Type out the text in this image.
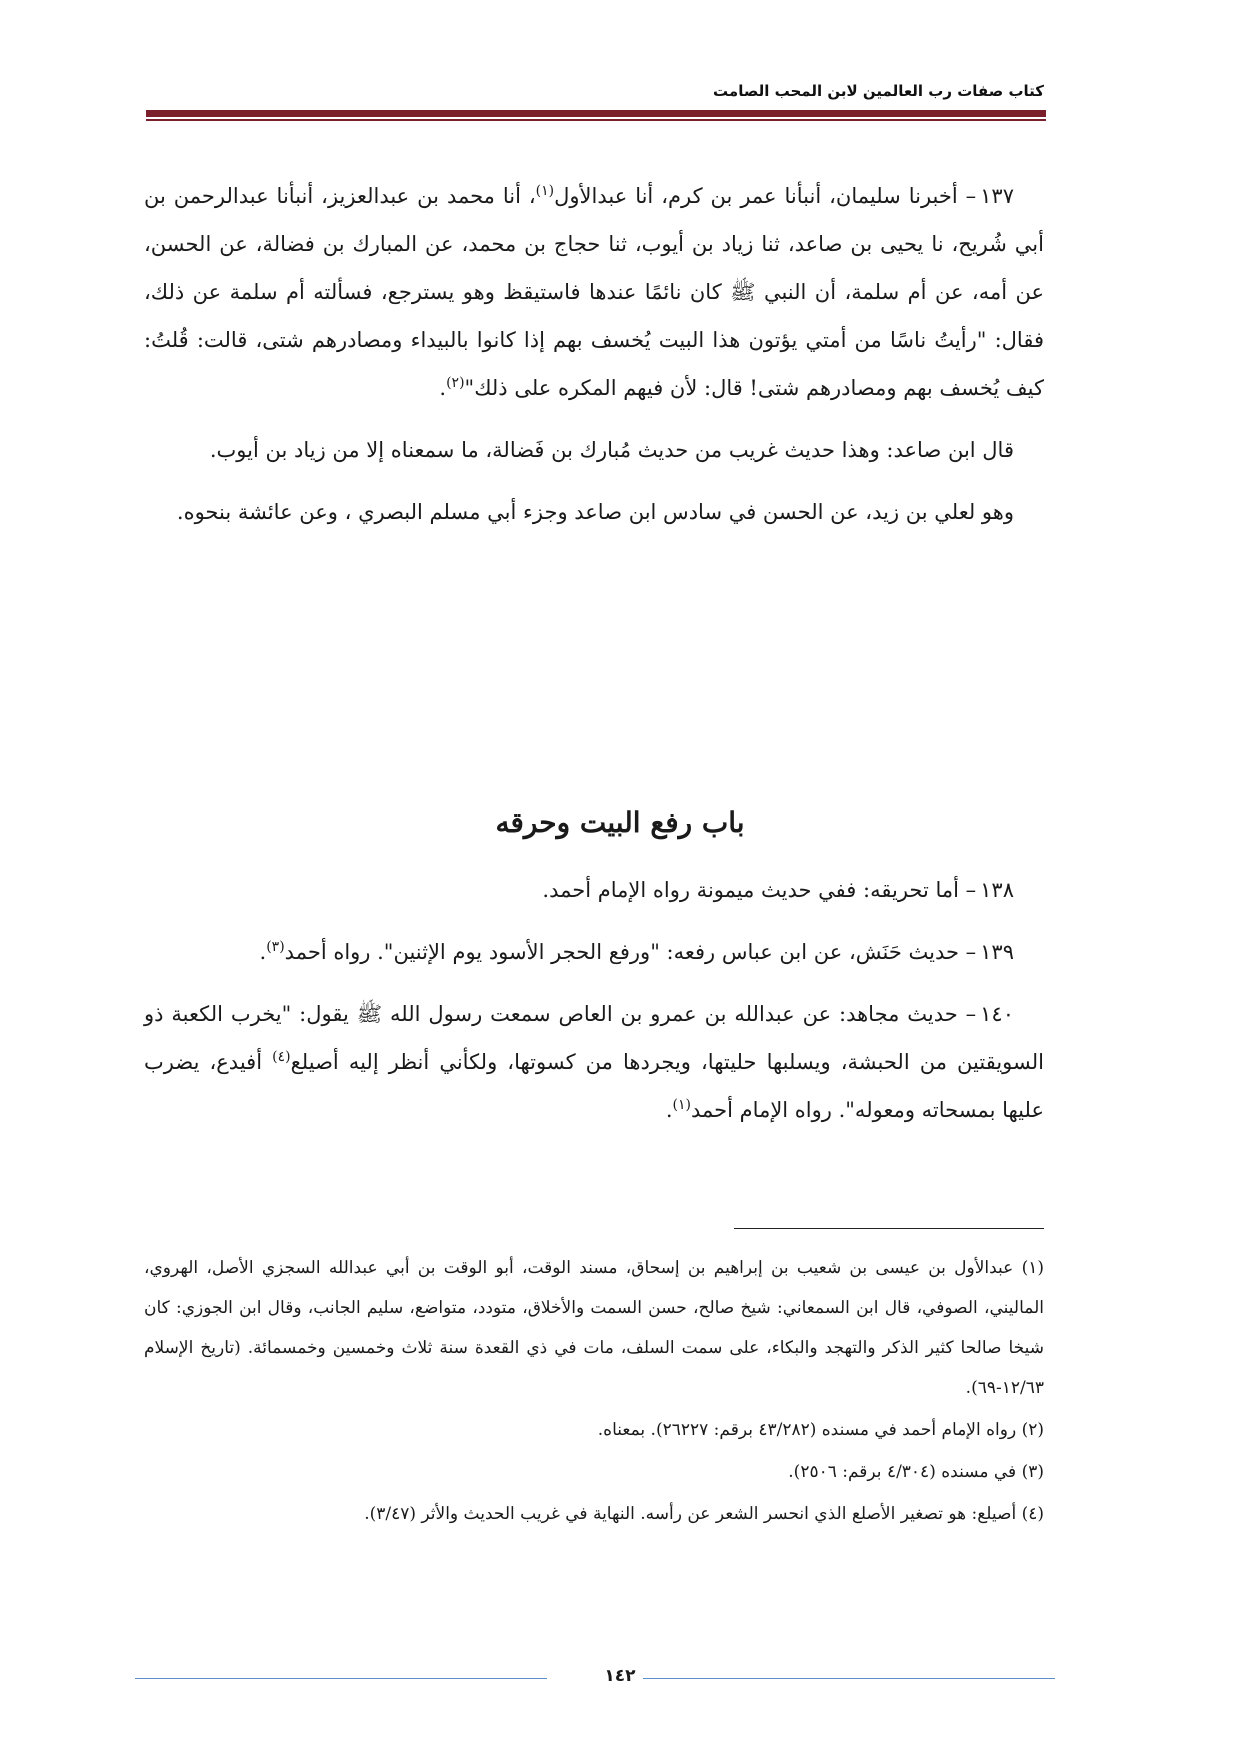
كتاب صفات رب العالمين لابن المحب الصامت

١٣٧– أخبرنا سليمان، أنبأنا عمر بن كرم، أنا عبدالأول$^{(١)}$، أنا محمد بن عبدالعزيز، أنبأنا عبدالرحمن بن أبي شُريح، نا يحيى بن صاعد، ثنا زياد بن أيوب، ثنا حجاج بن محمد، عن المبارك بن فضالة، عن الحسن، عن أمه، عن أم سلمة، أن النبي ﷺ كان نائمًا عندها فاستيقظ وهو يسترجع، فسألته أم سلمة عن ذلك، فقال: "رأيتُ ناسًا من أمتي يؤتون هذا البيت يُخسف بهم إذا كانوا بالبيداء ومصادرهم شتى، قالت: قُلتُ: كيف يُخسف بهم ومصادرهم شتى! قال: لأن فيهم المكره على ذلك"$^{(٢)}$.

قال ابن صاعد: وهذا حديث غريب من حديث مُبارك بن فَضالة، ما سمعناه إلا من زياد بن أيوب.

وهو لعلي بن زيد، عن الحسن في سادس ابن صاعد وجزء أبي مسلم البصري ، وعن عائشة بنحوه.

باب رفع البيت وحرقه

١٣٨– أما تحريقه: ففي حديث ميمونة رواه الإمام أحمد.

١٣٩– حديث حَنَش، عن ابن عباس رفعه: "ورفع الحجر الأسود يوم الإثنين". رواه أحمد$^{(٣)}$.

١٤٠– حديث مجاهد: عن عبدالله بن عمرو بن العاص سمعت رسول الله ﷺ يقول: "يخرب الكعبة ذو السويقتين من الحبشة، ويسلبها حليتها، ويجردها من كسوتها، ولكأني أنظر إليه أصيلع$^{(٤)}$ أفيدع، يضرب عليها بمسحاته ومعوله". رواه الإمام أحمد$^{(١)}$.

(١) عبدالأول بن عيسى بن شعيب بن إبراهيم بن إسحاق، مسند الوقت، أبو الوقت بن أبي عبدالله السجزي الأصل، الهروي، الماليني، الصوفي، قال ابن السمعاني: شيخ صالح، حسن السمت والأخلاق، متودد، متواضع، سليم الجانب، وقال ابن الجوزي: كان شيخا صالحا كثير الذكر والتهجد والبكاء، على سمت السلف، مات في ذي القعدة سنة ثلاث وخمسين وخمسمائة. (تاريخ الإسلام ١٢/٦٣-٦٩).

(٢) رواه الإمام أحمد في مسنده (٤٣/٢٨٢ برقم: ٢٦٢٢٧). بمعناه.

(٣) في مسنده (٤/٣٠٤ برقم: ٢٥٠٦).

(٤) أصيلع: هو تصغير الأصلع الذي انحسر الشعر عن رأسه. النهاية في غريب الحديث والأثر (٣/٤٧).

١٤٢
